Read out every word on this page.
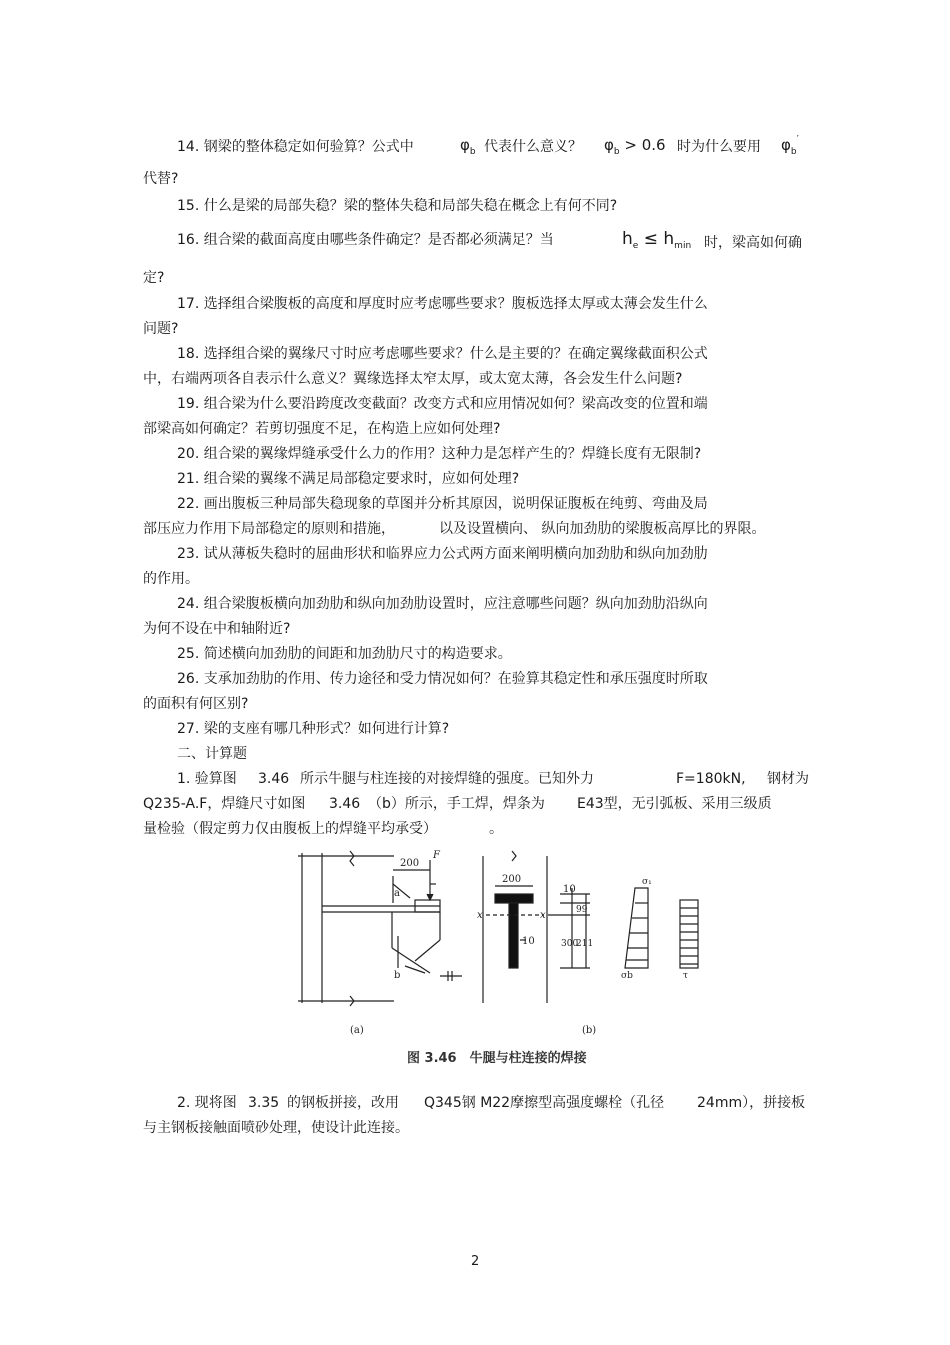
14. 钢梁的整体稳定如何验算？公式中	$\varphi_b$ 代表什么意义？ $\varphi_b > 0.6$ 时为什么要用 $\varphi_b'$
代替?
15. 什么是梁的局部失稳？梁的整体失稳和局部失稳在概念上有何不同?
16. 组合梁的截面高度由哪些条件确定？是否都必须满足？当	$h_e \le h_{min}$ 时，梁高如何确
定?
17. 选择组合梁腹板的高度和厚度时应考虑哪些要求？腹板选择太厚或太薄会发生什么
问题?
18. 选择组合梁的翼缘尺寸时应考虑哪些要求？什么是主要的？在确定翼缘截面积公式
中，右端两项各自表示什么意义？翼缘选择太窄太厚，或太宽太薄，各会发生什么问题?
19. 组合梁为什么要沿跨度改变截面？改变方式和应用情况如何？梁高改变的位置和端
部梁高如何确定？若剪切强度不足，在构造上应如何处理?
20. 组合梁的翼缘焊缝承受什么力的作用？这种力是怎样产生的？焊缝长度有无限制?
21. 组合梁的翼缘不满足局部稳定要求时，应如何处理?
22. 画出腹板三种局部失稳现象的草图并分析其原因，说明保证腹板在纯剪、弯曲及局
部压应力作用下局部稳定的原则和措施，	以及设置横向、 纵向加劲肋的梁腹板高厚比的界限。
23. 试从薄板失稳时的屈曲形状和临界应力公式两方面来阐明横向加劲肋和纵向加劲肋
的作用。
24. 组合梁腹板横向加劲肋和纵向加劲肋设置时，应注意哪些问题？纵向加劲肋沿纵向
为何不设在中和轴附近?
25. 简述横向加劲肋的间距和加劲肋尺寸的构造要求。
26. 支承加劲肋的作用、传力途径和受力情况如何？在验算其稳定性和承压强度时所取
的面积有何区别?
27. 梁的支座有哪几种形式？如何进行计算?
二、计算题
1. 验算图 3.46 所示牛腿与柱连接的对接焊缝的强度。已知外力	F=180kN, 钢材为
Q235-A.F，焊缝尺寸如图 3.46 （b）所示，手工焊，焊条为 E43型，无引弧板、采用三级质
量检验（假定剪力仅由腹板上的焊缝平均承受）	。
200
F
a
b
200
x	x
10
99
211
300
10
σ₁
σb	τ
(a)	(b)
图 3.46　牛腿与柱连接的焊接
2. 现将图 3.35 的钢板拼接，改用 Q345钢 M22摩擦型高强度螺栓（孔径 24mm），拼接板
与主钢板接触面喷砂处理，使设计此连接。
2
